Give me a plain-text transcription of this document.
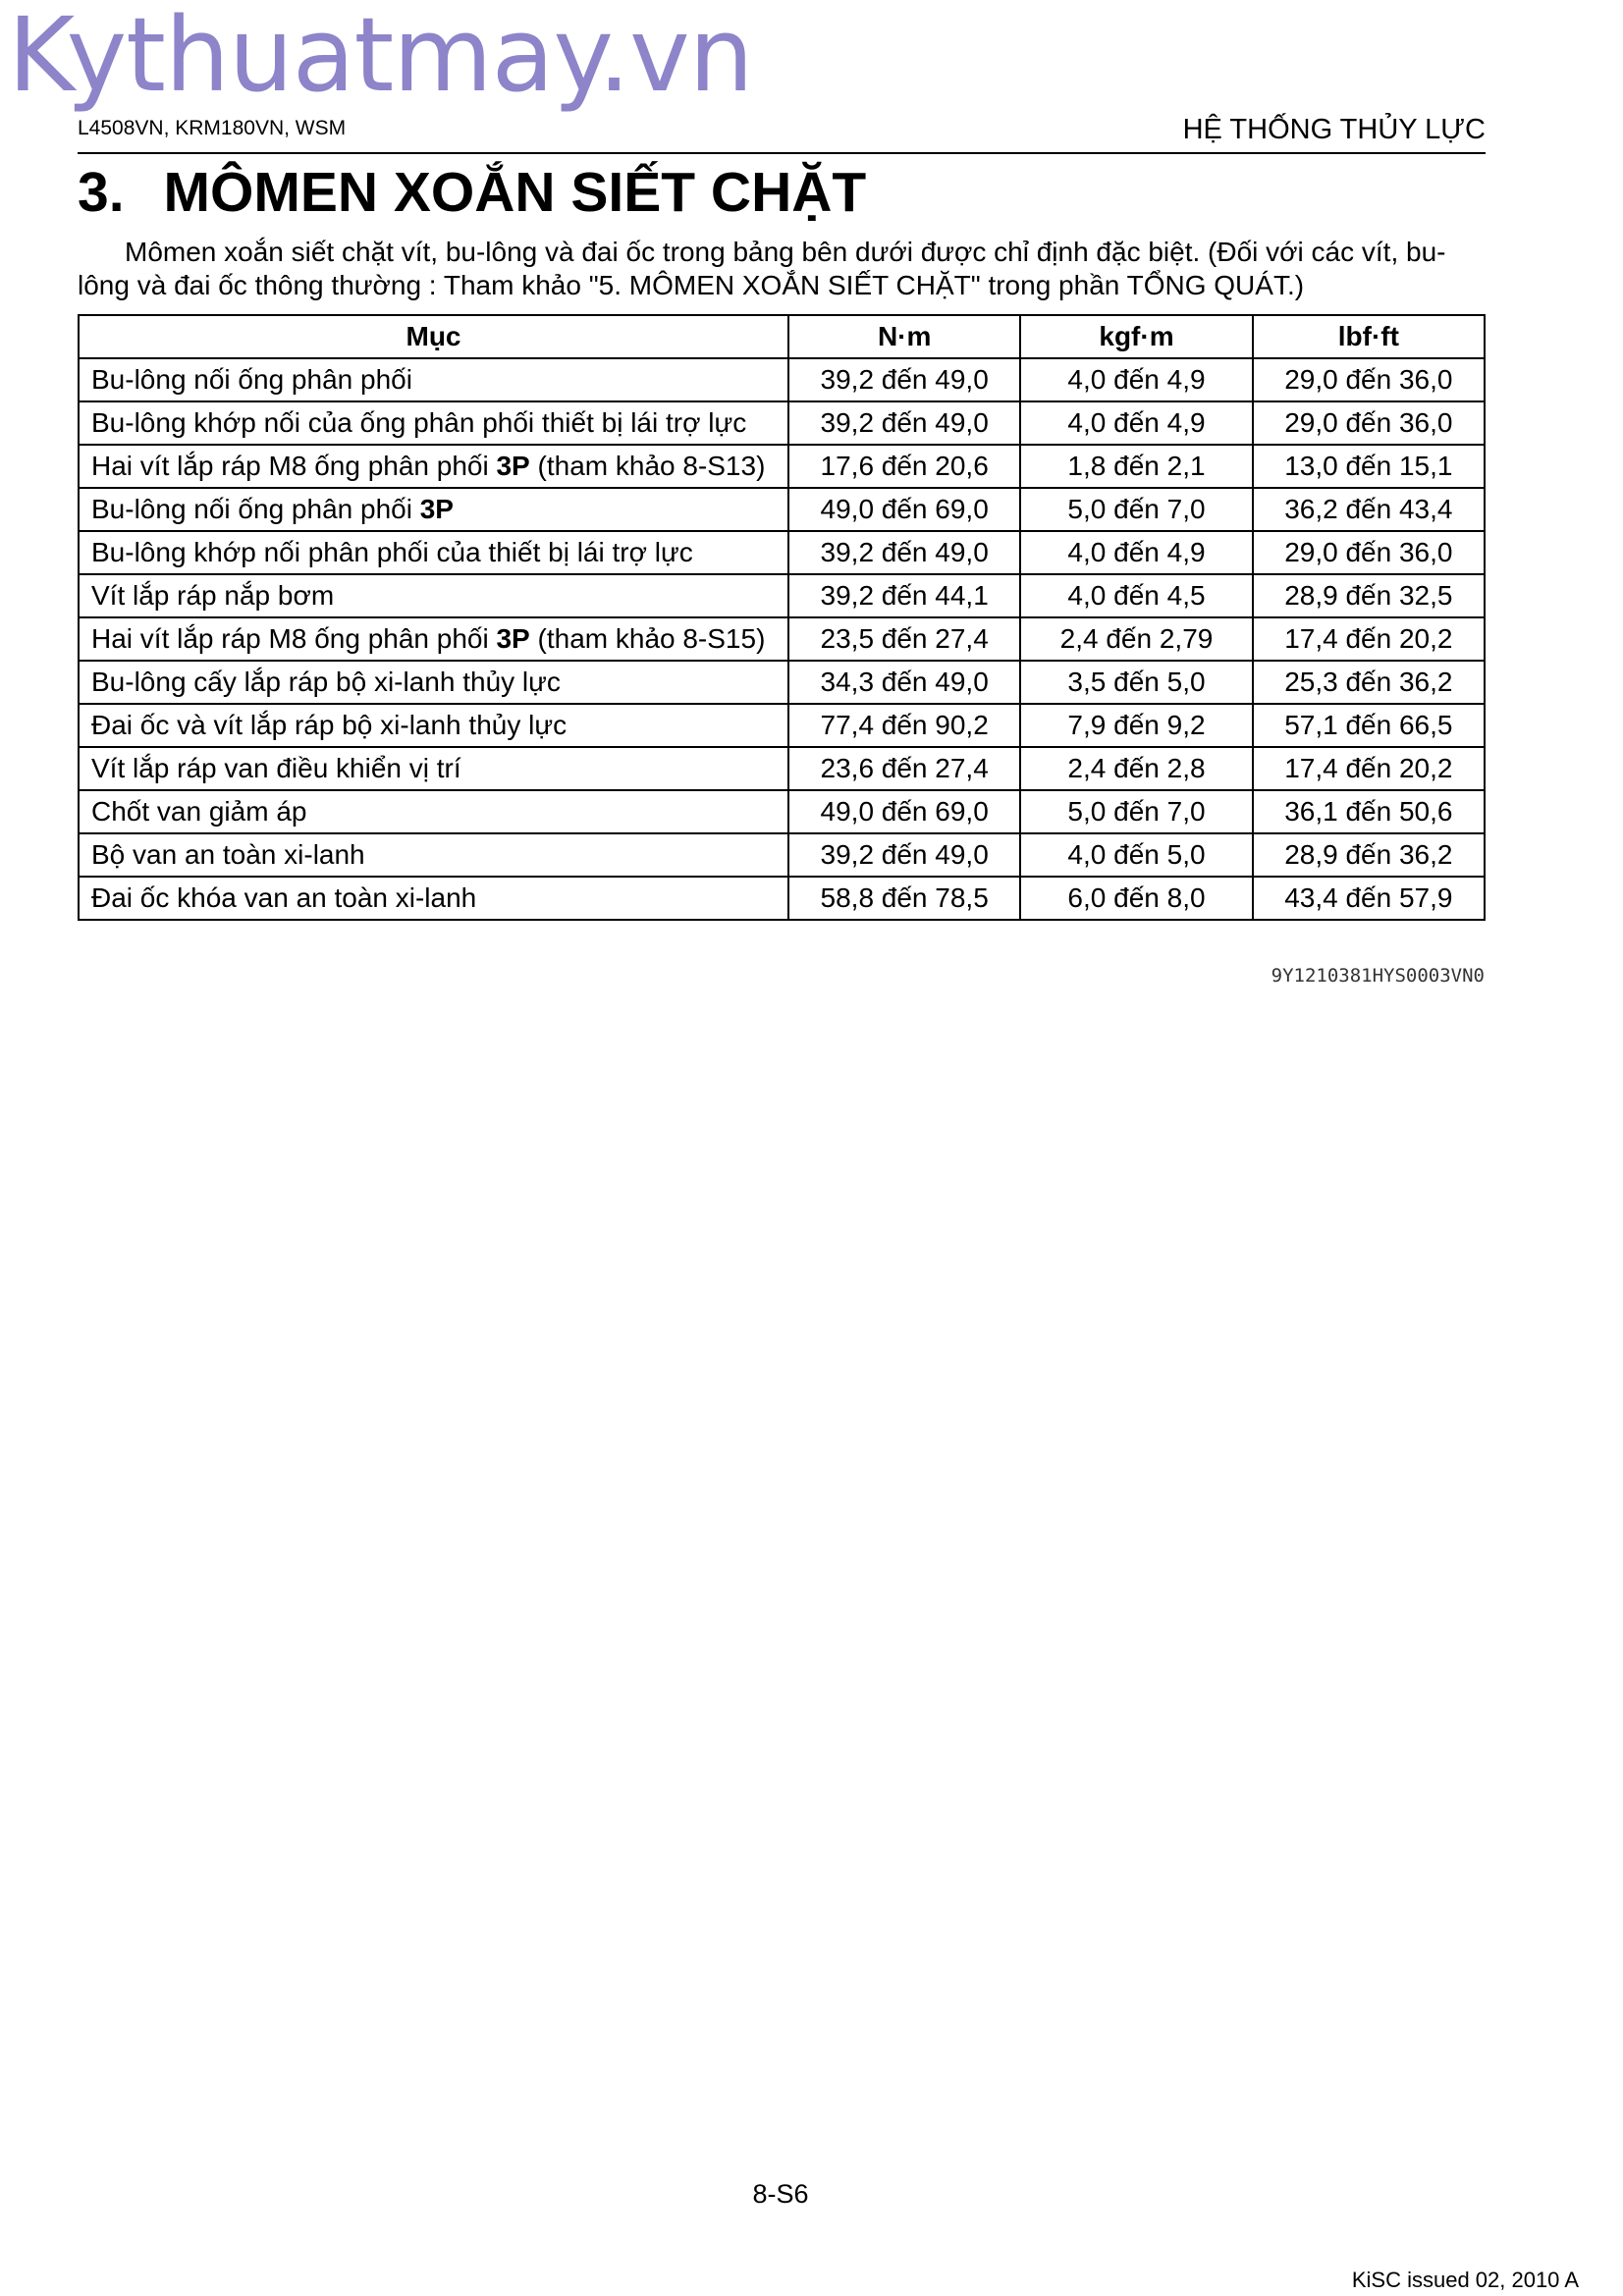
Kythuatmay.vn
L4508VN, KRM180VN, WSM	HỆ THỐNG THỦY LỰC
3. MÔMEN XOẮN SIẾT CHẶT

Mômen xoắn siết chặt vít, bu-lông và đai ốc trong bảng bên dưới được chỉ định đặc biệt. (Đối với các vít, bu-lông và đai ốc thông thường : Tham khảo "5. MÔMEN XOẮN SIẾT CHẶT" trong phần TỔNG QUÁT.)

Mục	N·m	kgf·m	lbf·ft
Bu-lông nối ống phân phối	39,2 đến 49,0	4,0 đến 4,9	29,0 đến 36,0
Bu-lông khớp nối của ống phân phối thiết bị lái trợ lực	39,2 đến 49,0	4,0 đến 4,9	29,0 đến 36,0
Hai vít lắp ráp M8 ống phân phối 3P (tham khảo 8-S13)	17,6 đến 20,6	1,8 đến 2,1	13,0 đến 15,1
Bu-lông nối ống phân phối 3P	49,0 đến 69,0	5,0 đến 7,0	36,2 đến 43,4
Bu-lông khớp nối phân phối của thiết bị lái trợ lực	39,2 đến 49,0	4,0 đến 4,9	29,0 đến 36,0
Vít lắp ráp nắp bơm	39,2 đến 44,1	4,0 đến 4,5	28,9 đến 32,5
Hai vít lắp ráp M8 ống phân phối 3P (tham khảo 8-S15)	23,5 đến 27,4	2,4 đến 2,79	17,4 đến 20,2
Bu-lông cấy lắp ráp bộ xi-lanh thủy lực	34,3 đến 49,0	3,5 đến 5,0	25,3 đến 36,2
Đai ốc và vít lắp ráp bộ xi-lanh thủy lực	77,4 đến 90,2	7,9 đến 9,2	57,1 đến 66,5
Vít lắp ráp van điều khiển vị trí	23,6 đến 27,4	2,4 đến 2,8	17,4 đến 20,2
Chốt van giảm áp	49,0 đến 69,0	5,0 đến 7,0	36,1 đến 50,6
Bộ van an toàn xi-lanh	39,2 đến 49,0	4,0 đến 5,0	28,9 đến 36,2
Đai ốc khóa van an toàn xi-lanh	58,8 đến 78,5	6,0 đến 8,0	43,4 đến 57,9
9Y1210381HYS0003VN0
8-S6
KiSC issued 02, 2010 A
